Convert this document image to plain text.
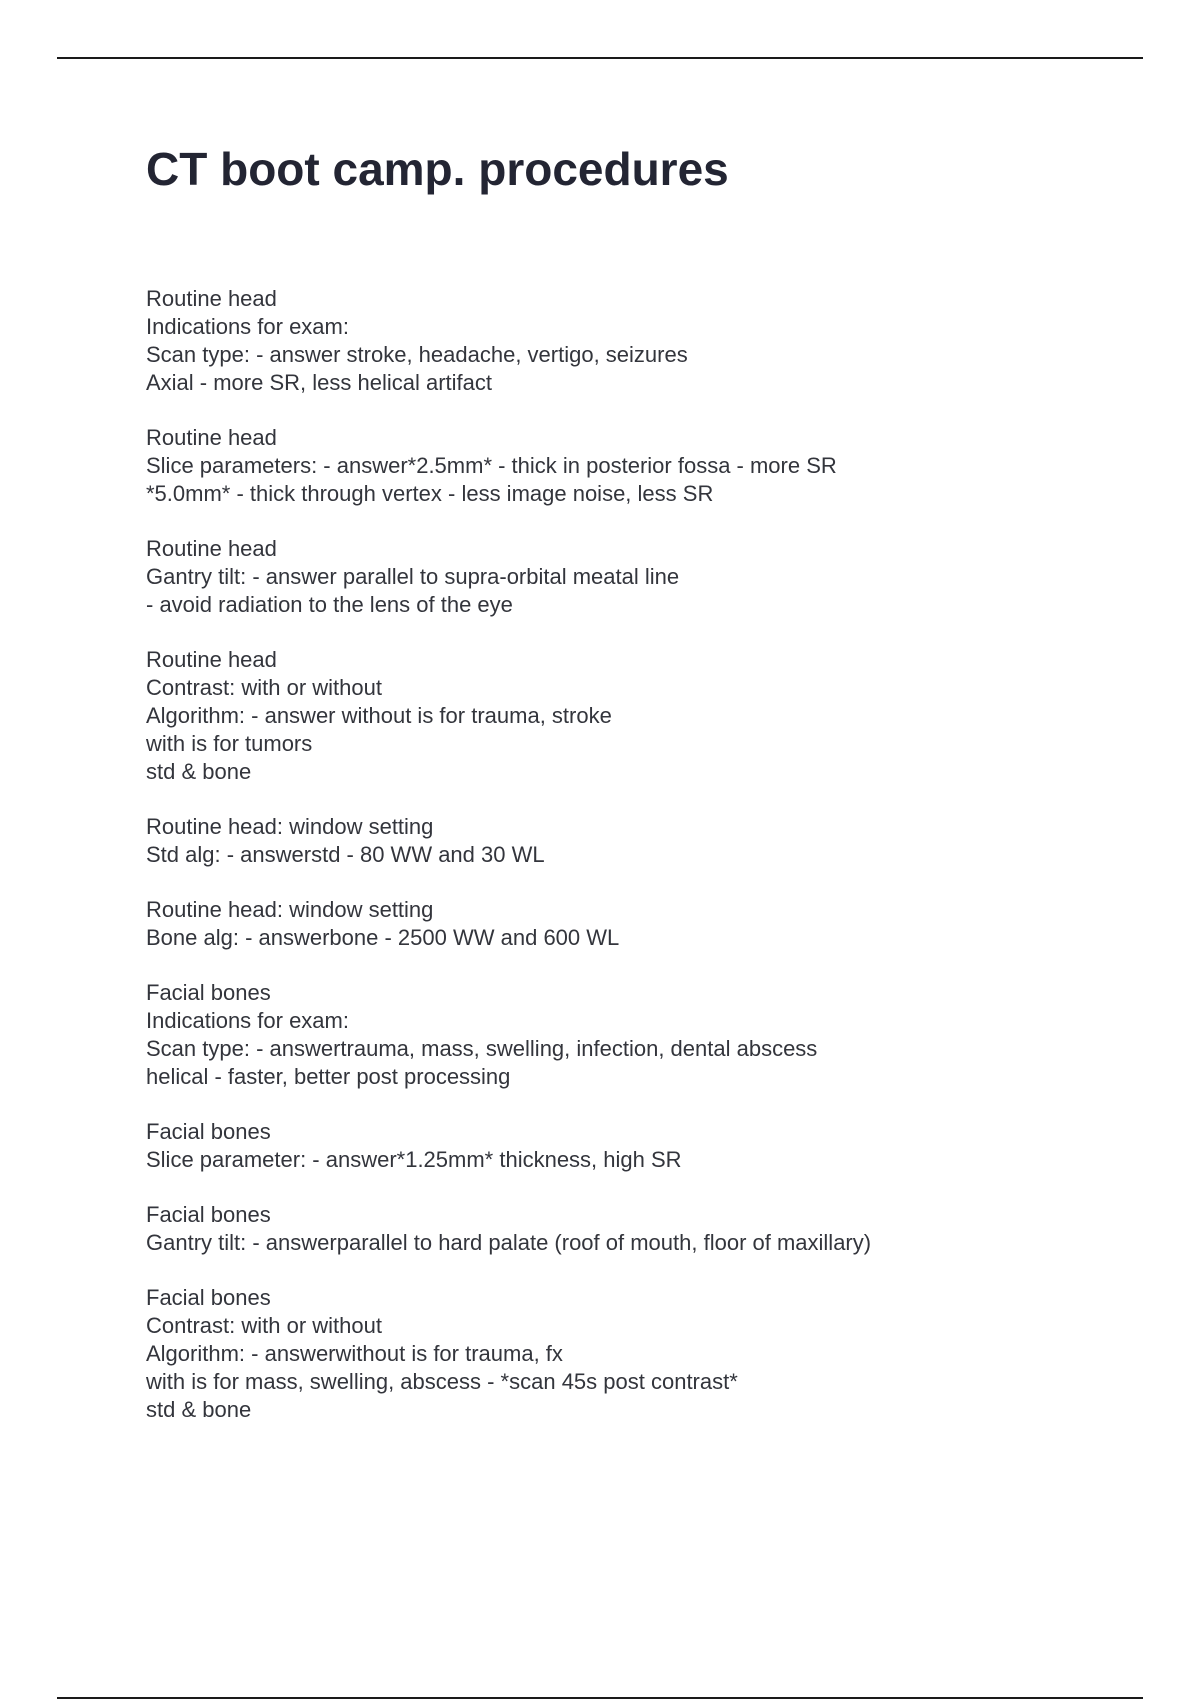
CT boot camp. procedures
Routine head
Indications for exam:
Scan type: - answer stroke, headache, vertigo, seizures
Axial - more SR, less helical artifact
Routine head
Slice parameters: - answer*2.5mm* - thick in posterior fossa - more SR
*5.0mm* - thick through vertex - less image noise, less SR
Routine head
Gantry tilt: - answer parallel to supra-orbital meatal line
- avoid radiation to the lens of the eye
Routine head
Contrast: with or without
Algorithm: - answer without is for trauma, stroke
with is for tumors
std & bone
Routine head: window setting
Std alg: - answerstd - 80 WW and 30 WL
Routine head: window setting
Bone alg: - answerbone - 2500 WW and 600 WL
Facial bones
Indications for exam:
Scan type: - answertrauma, mass, swelling, infection, dental abscess
helical - faster, better post processing
Facial bones
Slice parameter: - answer*1.25mm* thickness, high SR
Facial bones
Gantry tilt: - answerparallel to hard palate (roof of mouth, floor of maxillary)
Facial bones
Contrast: with or without
Algorithm: - answerwithout is for trauma, fx
with is for mass, swelling, abscess - *scan 45s post contrast*
std & bone
